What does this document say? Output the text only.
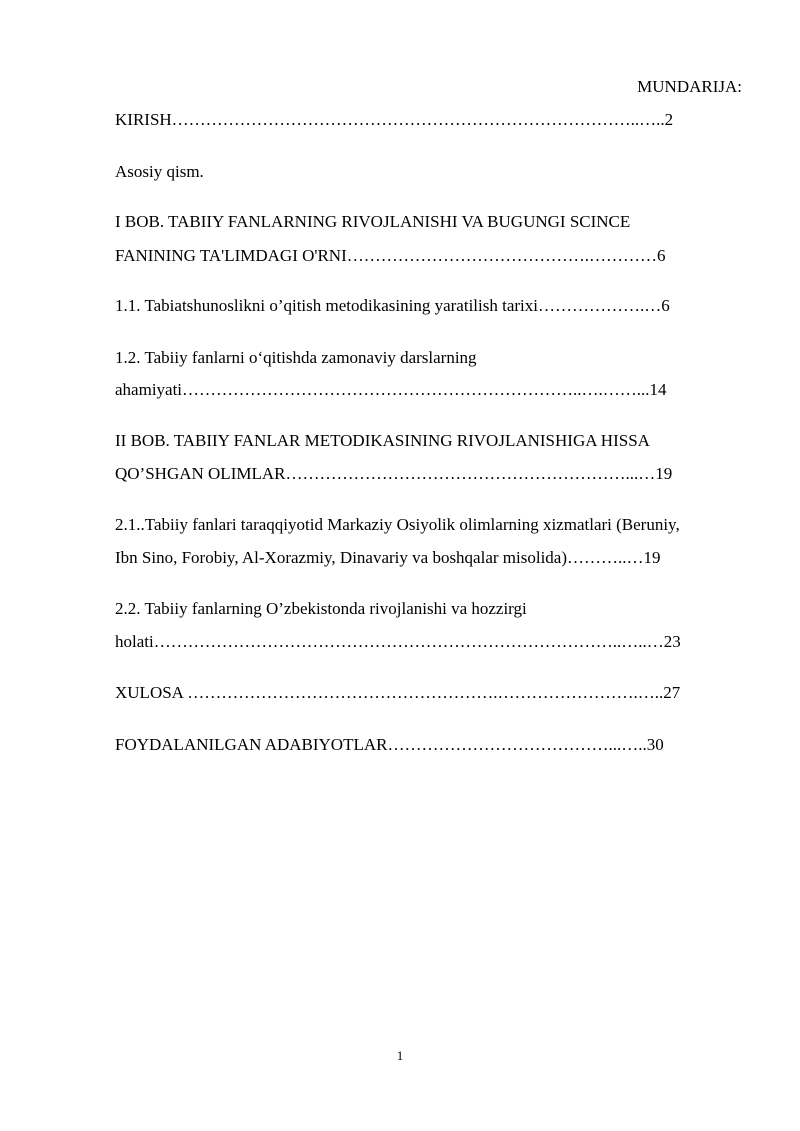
MUNDARIJA:
KIRISH………………………………………………………………………..…..2
Asosiy qism.
I BOB. TABIIY FANLARNING RIVOJLANISHI VA BUGUNGI SCINCE
FANINING TA'LIMDAGI O'RNI…………………………………….…………6
1.1. Tabiatshunoslikni o’qitish metodikasining yaratilish tarixi……………….…6
1.2. Tabiiy fanlarni o‘qitishda zamonaviy darslarning
ahamiyati……………………………………………………………..….……...14
II BOB. TABIIY FANLAR METODIKASINING RIVOJLANISHIGA HISSA
QO’SHGAN OLIMLAR……………………………………………………...…19
2.1..Tabiiy fanlari taraqqiyotid Markaziy Osiyolik olimlarning xizmatlari (Beruniy,
Ibn Sino, Forobiy, Al-Xorazmiy, Dinavariy va boshqalar misolida)………..…19
2.2. Tabiiy fanlarning O’zbekistonda rivojlanishi va hozzirgi
holati………………………………………………………………………..…..…23
XULOSA ……………………………………………….…………………….…..27
FOYDALANILGAN ADABIYOTLAR…………………………………...…..30
1
